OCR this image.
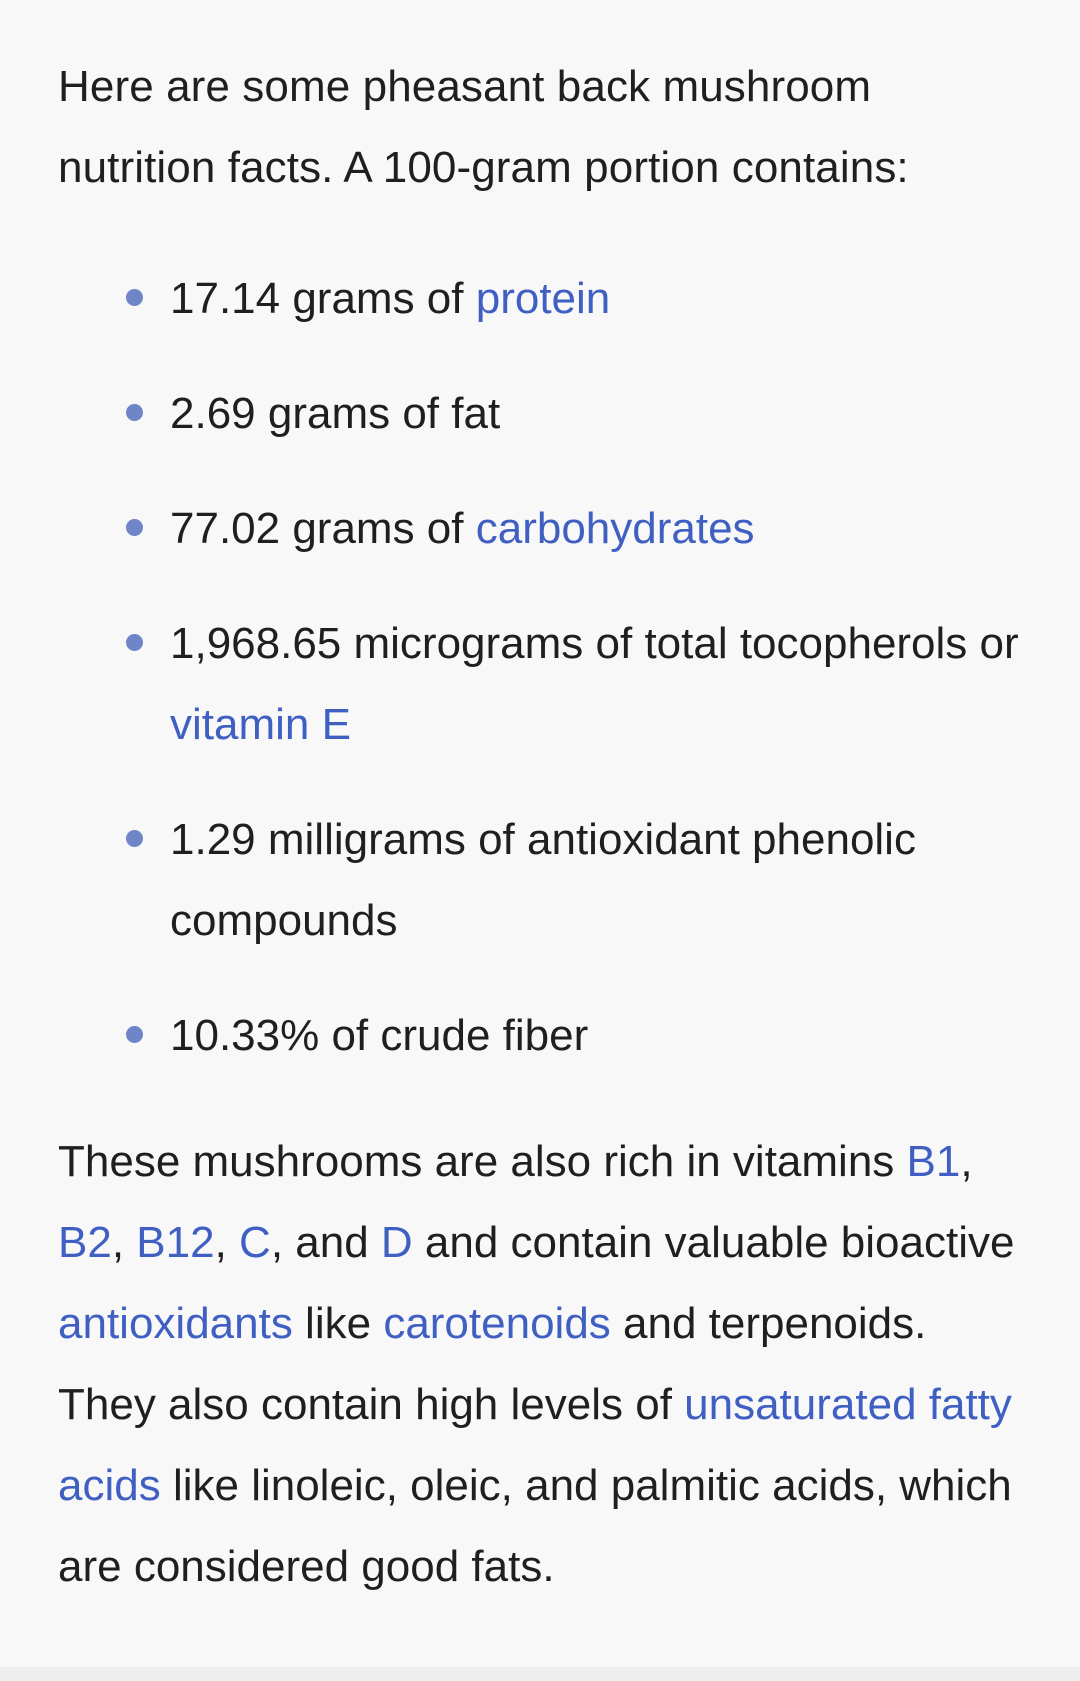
Here are some pheasant back mushroom nutrition facts. A 100-gram portion contains:

17.14 grams of protein
2.69 grams of fat
77.02 grams of carbohydrates
1,968.65 micrograms of total tocopherols or vitamin E
1.29 milligrams of antioxidant phenolic compounds
10.33% of crude fiber

These mushrooms are also rich in vitamins B1, B2, B12, C, and D and contain valuable bioactive antioxidants like carotenoids and terpenoids. They also contain high levels of unsaturated fatty acids like linoleic, oleic, and palmitic acids, which are considered good fats.
